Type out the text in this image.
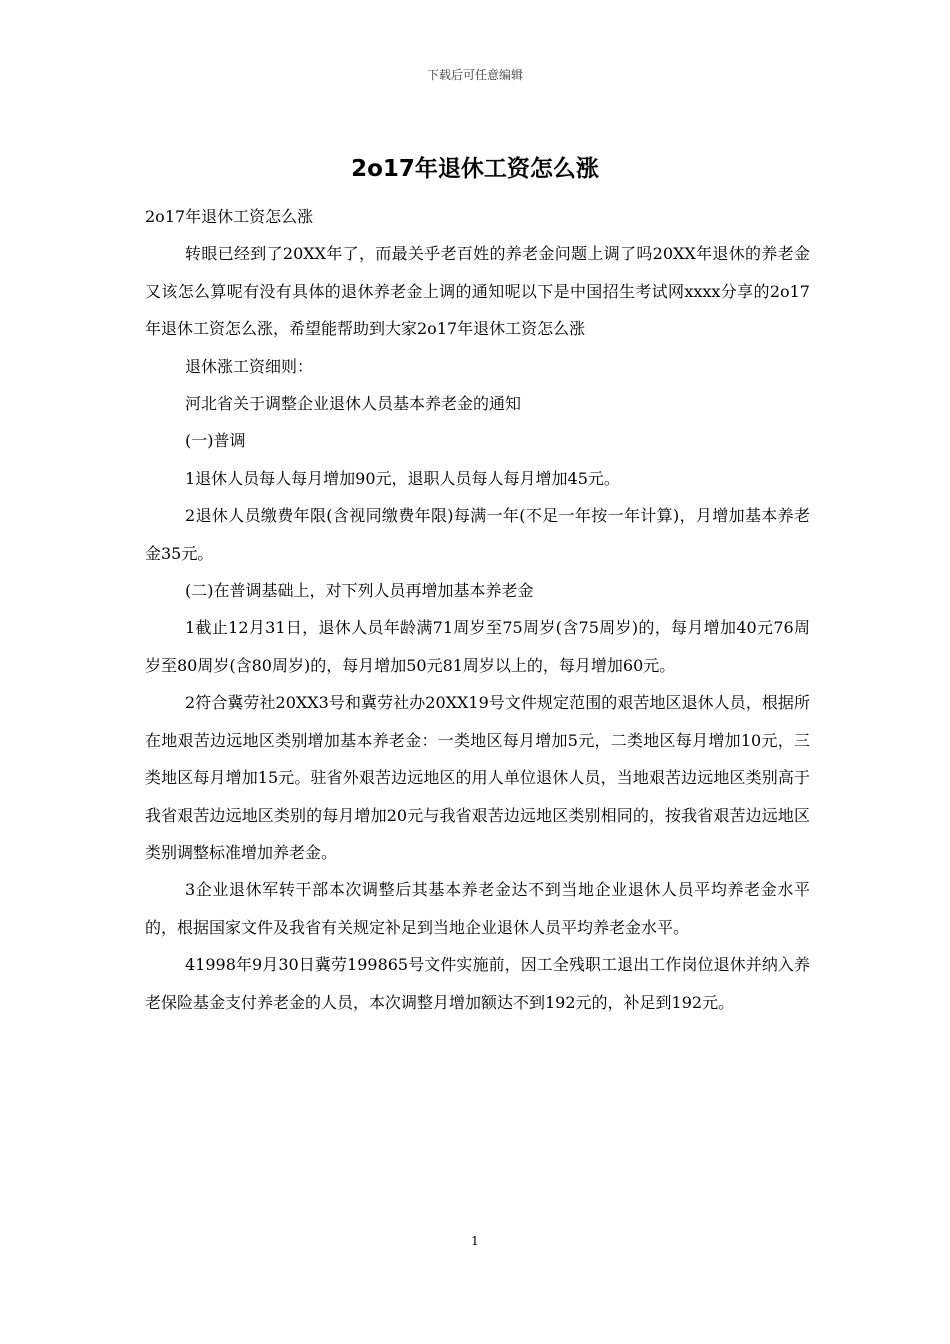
下载后可任意编辑
2o17年退休工资怎么涨

2o17年退休工资怎么涨

转眼已经到了20XX年了，而最关乎老百姓的养老金问题上调了吗20XX年退休的养老金又该怎么算呢有没有具体的退休养老金上调的通知呢以下是中国招生考试网xxxx分享的2o17年退休工资怎么涨，希望能帮助到大家2o17年退休工资怎么涨

退休涨工资细则：

河北省关于调整企业退休人员基本养老金的通知

(一)普调

1退休人员每人每月增加90元，退职人员每人每月增加45元。

2退休人员缴费年限(含视同缴费年限)每满一年(不足一年按一年计算)，月增加基本养老金35元。

(二)在普调基础上，对下列人员再增加基本养老金

1截止12月31日，退休人员年龄满71周岁至75周岁(含75周岁)的，每月增加40元76周岁至80周岁(含80周岁)的，每月增加50元81周岁以上的，每月增加60元。

2符合冀劳社20XX3号和冀劳社办20XX19号文件规定范围的艰苦地区退休人员，根据所在地艰苦边远地区类别增加基本养老金：一类地区每月增加5元，二类地区每月增加10元，三类地区每月增加15元。驻省外艰苦边远地区的用人单位退休人员，当地艰苦边远地区类别高于我省艰苦边远地区类别的每月增加20元与我省艰苦边远地区类别相同的，按我省艰苦边远地区类别调整标准增加养老金。

3企业退休军转干部本次调整后其基本养老金达不到当地企业退休人员平均养老金水平的，根据国家文件及我省有关规定补足到当地企业退休人员平均养老金水平。

41998年9月30日冀劳199865号文件实施前，因工全残职工退出工作岗位退休并纳入养老保险基金支付养老金的人员，本次调整月增加额达不到192元的，补足到192元。

1
